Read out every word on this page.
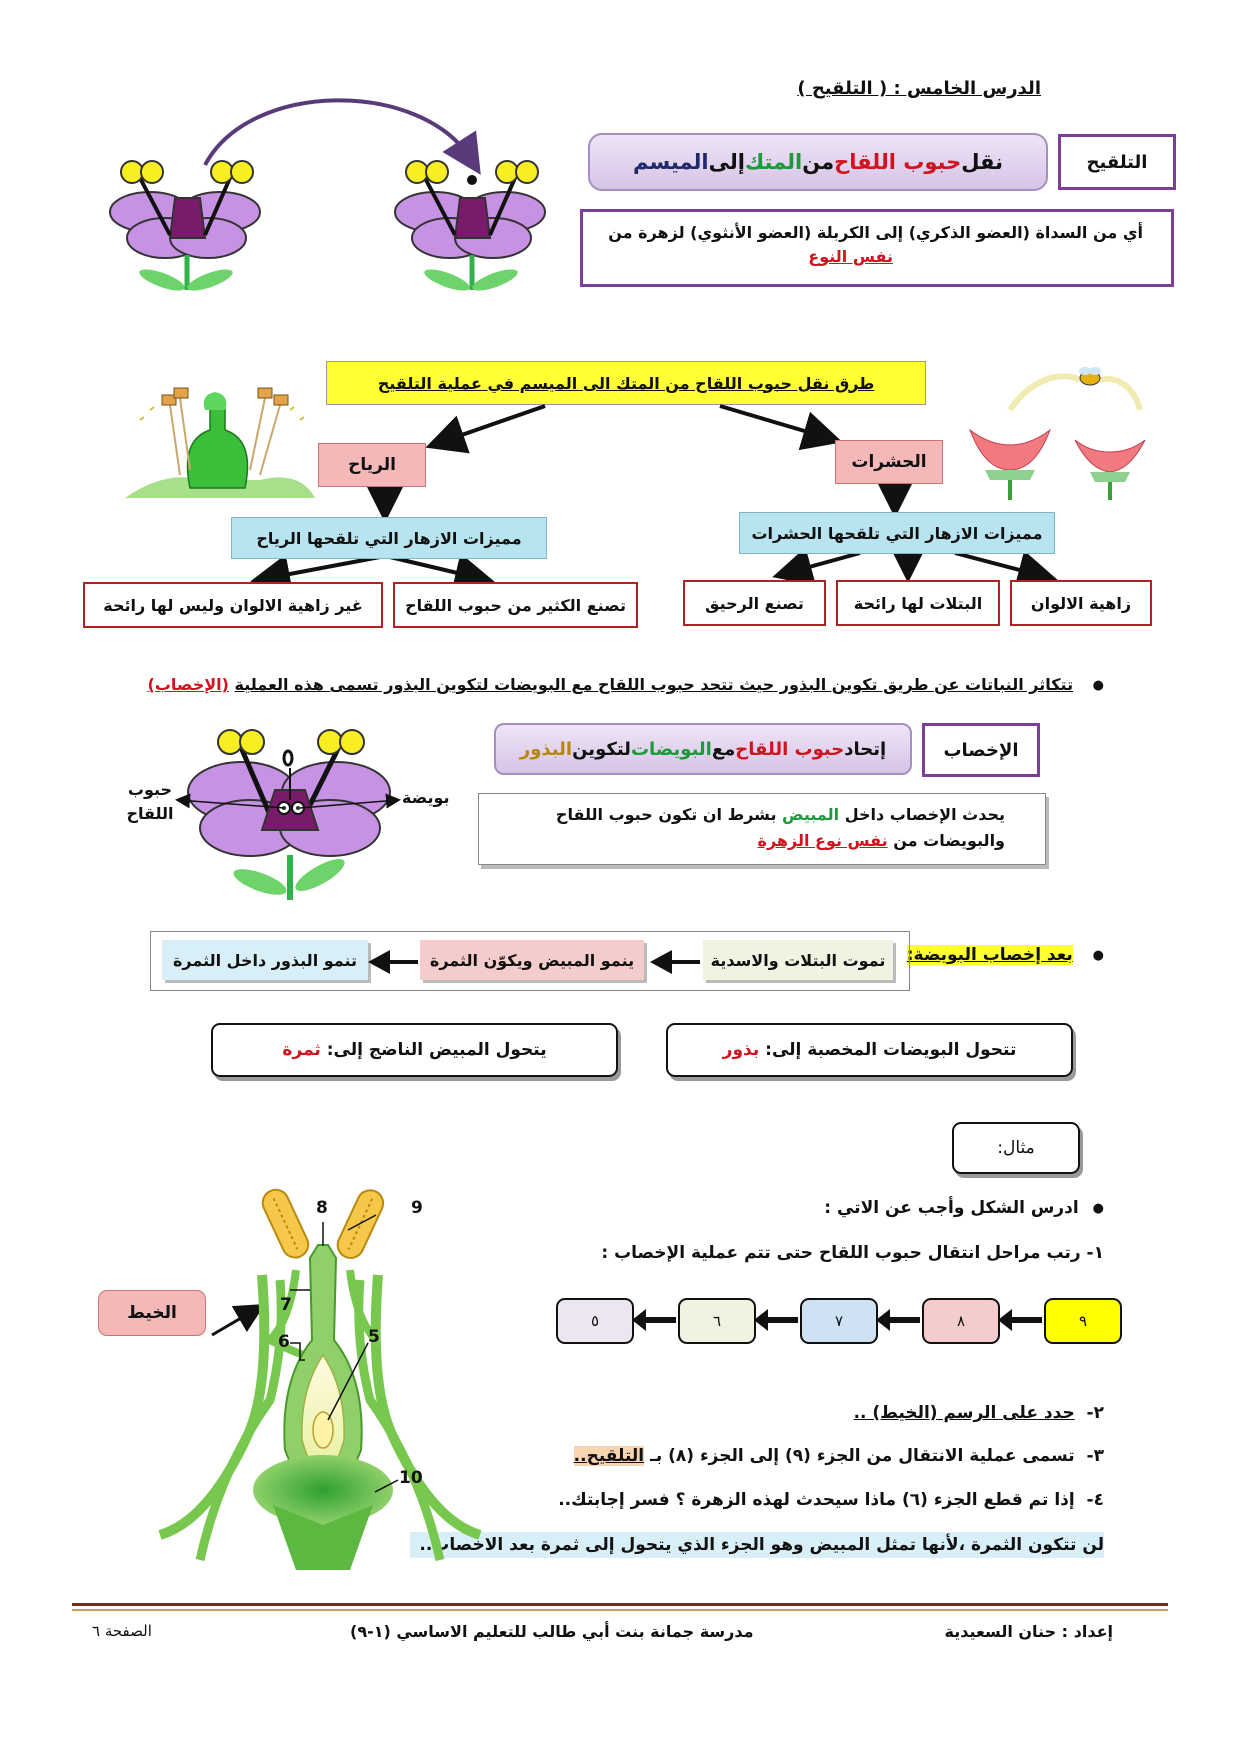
الدرس الخامس : ( التلقيح )
التلقيح
نقل
حبوب اللقاح
من
المتك
إلى
الميسم
أي من السداة (العضو الذكري) إلى الكربلة (العضو الأنثوي) لزهرة من
نفس النوع
طرق نقل حبوب اللقاح من المتك الى الميسم في عملية التلقيح
الرياح	الحشرات
مميزات الازهار التي تلقحها الرياح	مميزات الازهار التي تلقحها الحشرات
تصنع الكثير من حبوب اللقاح
غير زاهية الالوان وليس لها رائحة	زاهية الالوان
البتلات لها رائحة
تصنع الرحيق
● تتكاثر النباتات عن طريق تكوين البذور حيث تتحد حبوب اللقاح مع البويضات لتكوين البذور تسمى هذه العملية (الإخصاب)
الإخصاب
إتحاد
حبوب اللقاح
مع
البويضات
لتكوين
البذور
يحدث الإخصاب داخل المبيض بشرط ان تكون حبوب اللقاح
والبويضات من نفس نوع الزهرة
حبوب
اللقاح
بويضة
● بعد إخصاب البويضة:
تموت البتلات والاسدية
ينمو المبيض ويكوّن الثمرة
تنمو البذور داخل الثمرة
تتحول البويضات المخصبة إلى:

بذور
يتحول المبيض الناضج إلى:

ثمرة
مثال:
● ادرس الشكل وأجب عن الاتي :
١- رتب مراحل انتقال حبوب اللقاح حتى تتم عملية الإخصاب :
٩
٨
٧
٦
٥
٢-  حدد على الرسم (الخيط) ..
٣-  تسمى عملية الانتقال من الجزء (٩) إلى الجزء (٨) بـ التلقيح..
٤-  إذا تم قطع الجزء (٦) ماذا سيحدث لهذه الزهرة ؟ فسر إجابتك..
لن تتكون الثمرة ،لأنها تمثل المبيض وهو الجزء الذي يتحول إلى ثمرة بعد الاخصاب..
الخيط
8	9
7
6	5
10
إعداد : حنان السعيدية
مدرسة جمانة بنت أبي طالب للتعليم الاساسي (١-٩)
الصفحة ٦
